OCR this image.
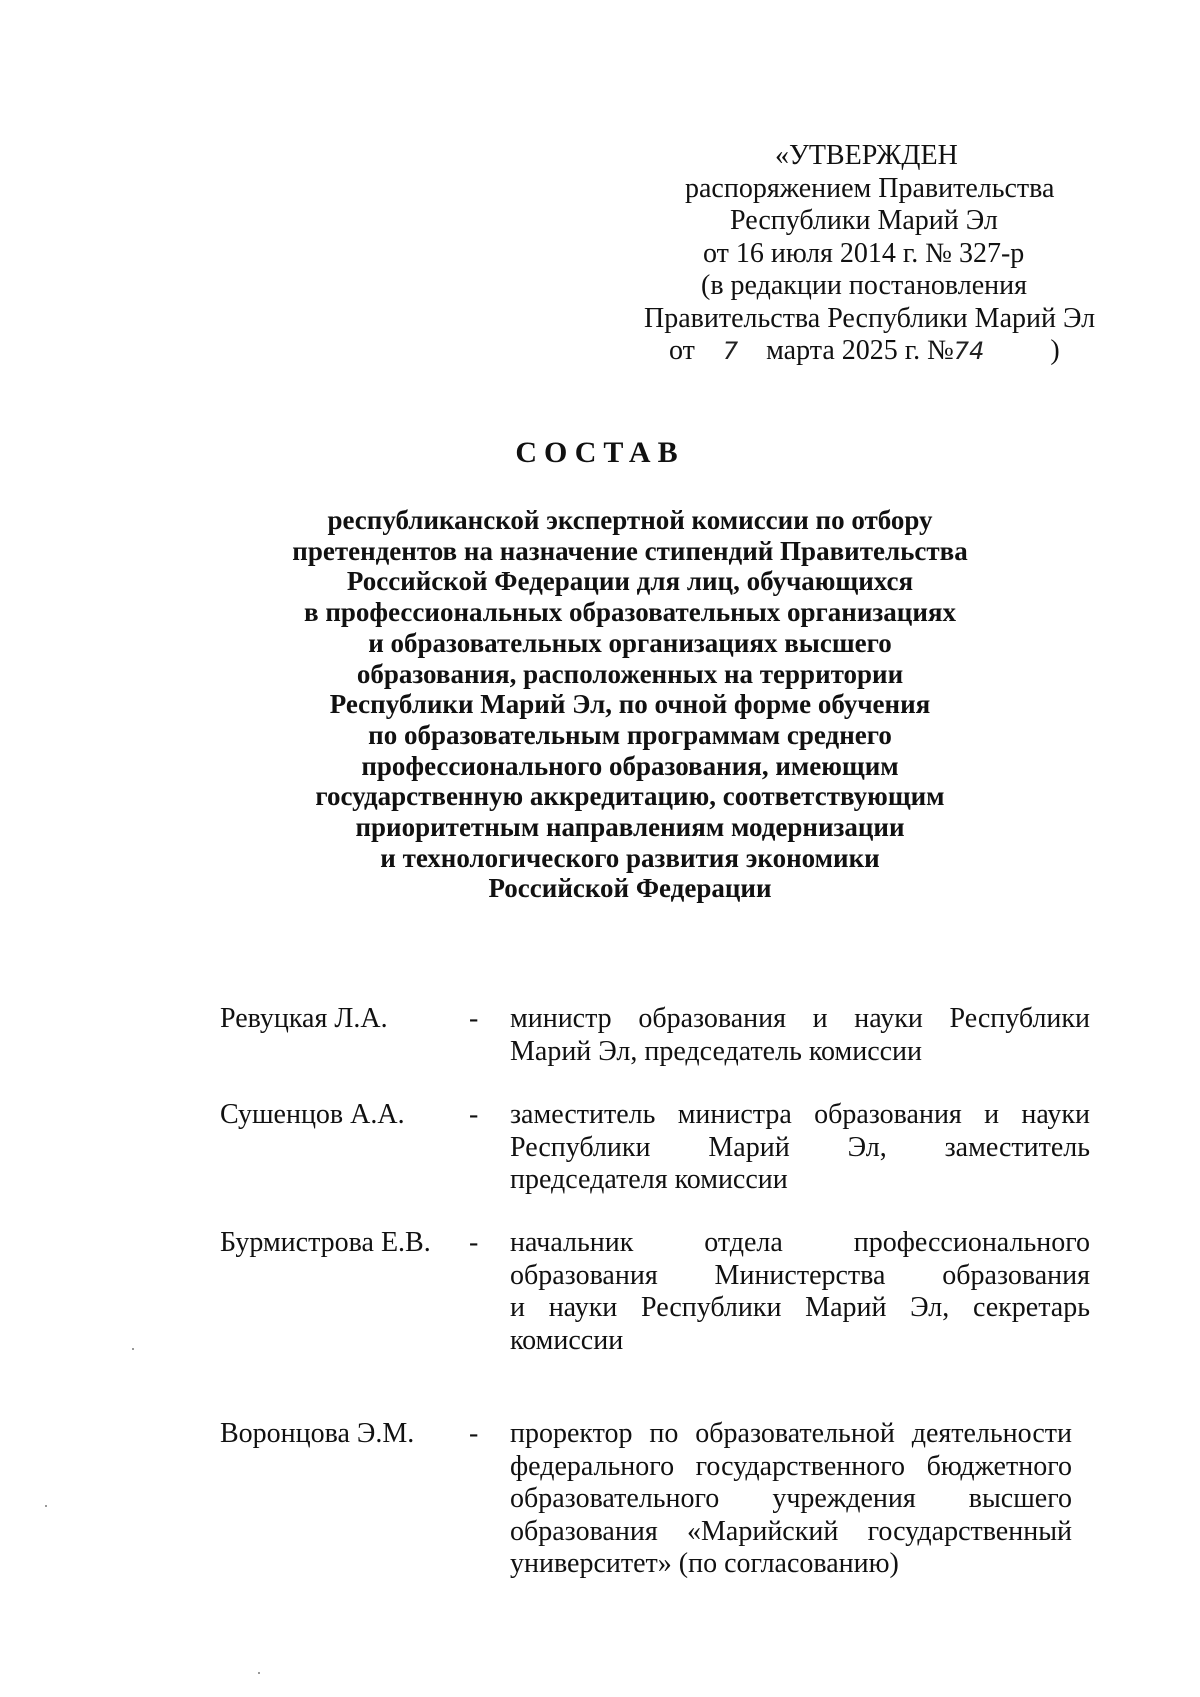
«УТВЕРЖДЕН
распоряжением Правительства
Республики Марий Эл
от 16 июля 2014 г. № 327-р
(в редакции постановления
Правительства Республики Марий Эл
от 7 марта 2025 г. №74 )
СОСТАВ
республиканской экспертной комиссии по отбору
претендентов на назначение стипендий Правительства
Российской Федерации для лиц, обучающихся
в профессиональных образовательных организациях
и образовательных организациях высшего
образования, расположенных на территории
Республики Марий Эл, по очной форме обучения
по образовательным программам среднего
профессионального образования, имеющим
государственную аккредитацию, соответствующим
приоритетным направлениям модернизации
и технологического развития экономики
Российской Федерации
Ревуцкая Л.А.	- министр образования и науки Республики
Марий Эл, председатель комиссии
Сушенцов А.А. - заместитель министра образования и науки
Республики Марий Эл, заместитель
председателя комиссии
Бурмистрова Е.В. - начальник отдела профессионального
образования Министерства образования
и науки Республики Марий Эл, секретарь
комиссии
Воронцова Э.М. - проректор по образовательной деятельности
федерального государственного бюджетного
образовательного учреждения высшего
образования «Марийский государственный
университет» (по согласованию)
